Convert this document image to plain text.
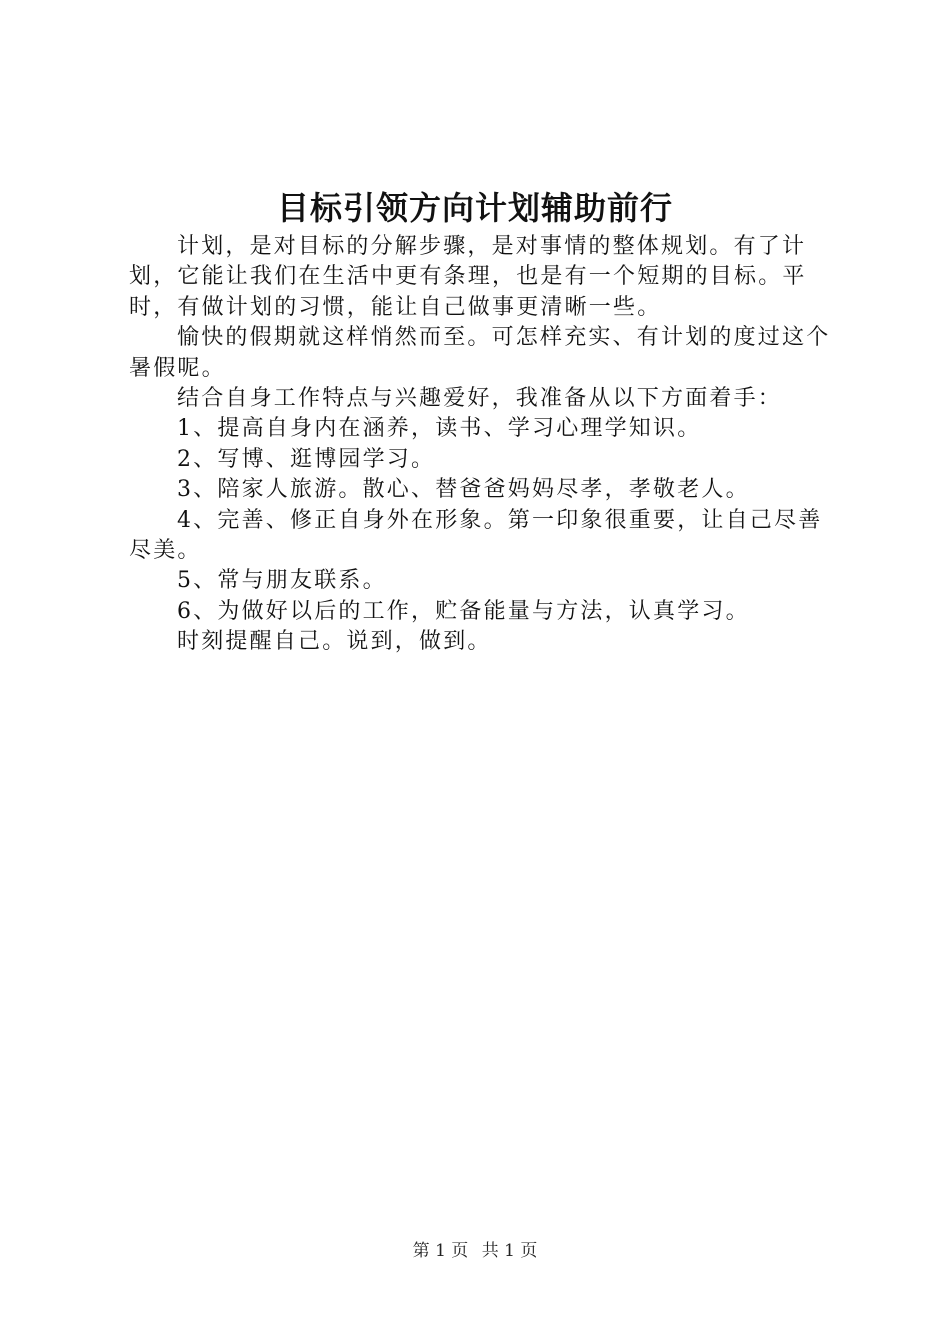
目标引领方向计划辅助前行

计划，是对目标的分解步骤，是对事情的整体规划。有了计划，它能让我们在生活中更有条理，也是有一个短期的目标。平时，有做计划的习惯，能让自己做事更清晰一些。

愉快的假期就这样悄然而至。可怎样充实、有计划的度过这个暑假呢。

结合自身工作特点与兴趣爱好，我准备从以下方面着手：

1、提高自身内在涵养，读书、学习心理学知识。

2、写博、逛博园学习。

3、陪家人旅游。散心、替爸爸妈妈尽孝，孝敬老人。

4、完善、修正自身外在形象。第一印象很重要，让自己尽善尽美。

5、常与朋友联系。

6、为做好以后的工作，贮备能量与方法，认真学习。

时刻提醒自己。说到，做到。

第 1 页 共 1 页
